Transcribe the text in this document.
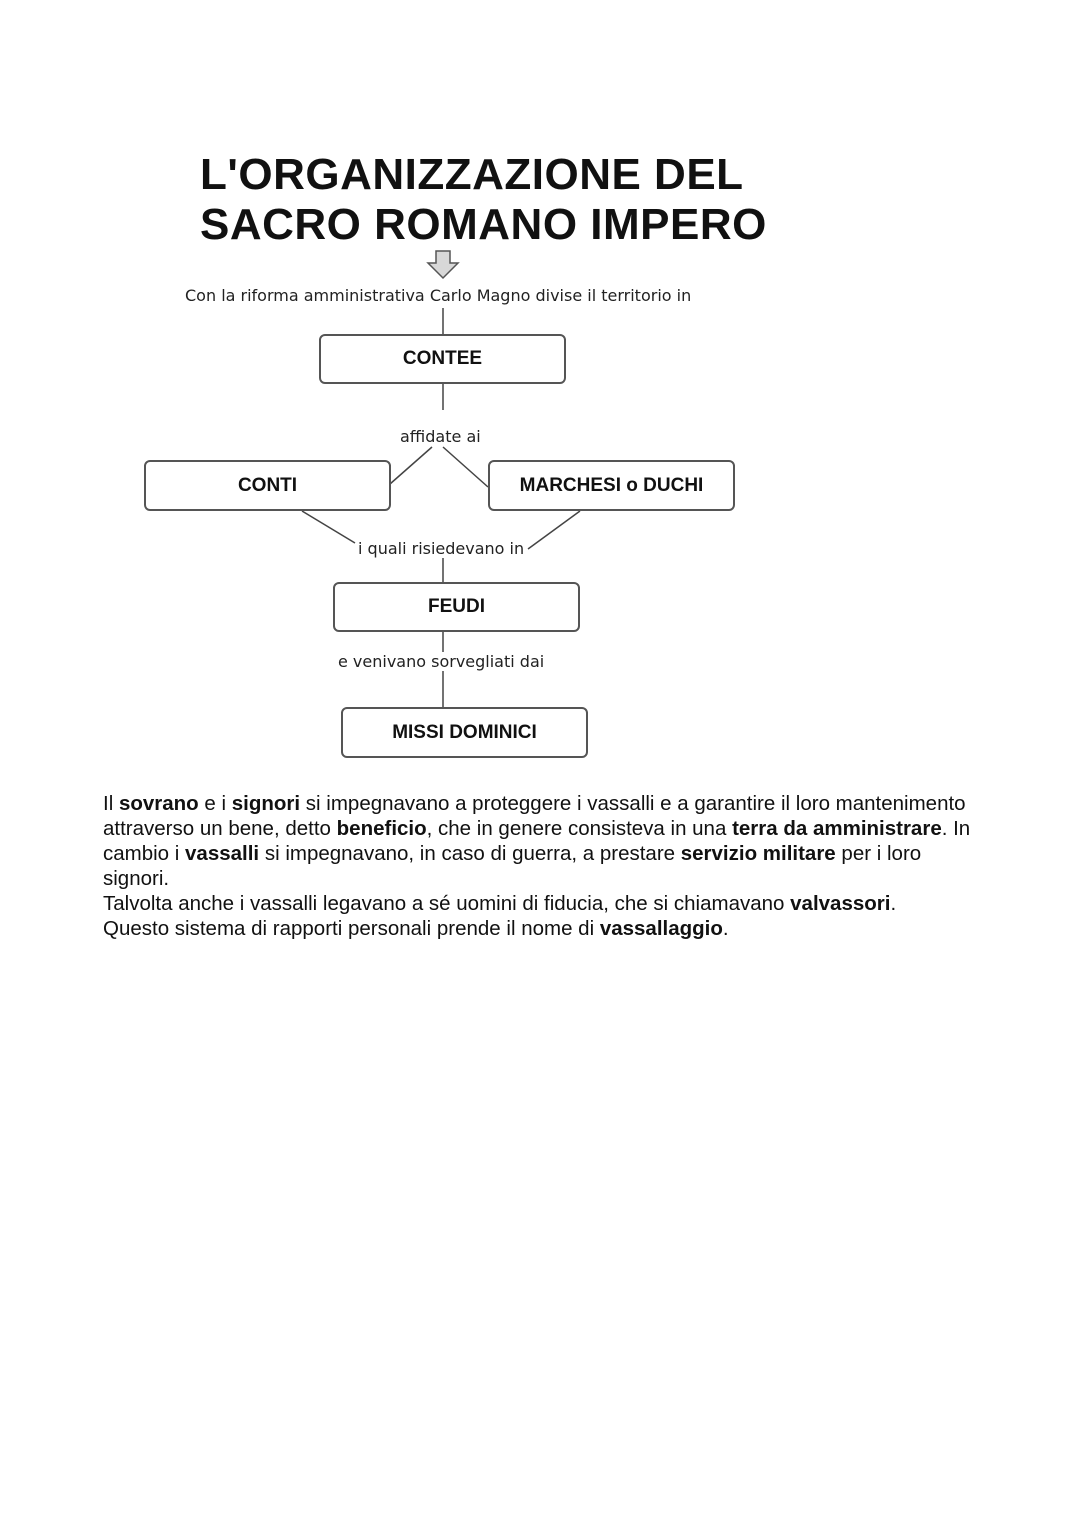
L'ORGANIZZAZIONE DEL
SACRO ROMANO IMPERO
Con la riforma amministrativa Carlo Magno divise il territorio in
CONTEE
affidate ai
CONTI	MARCHESI o DUCHI
i quali risiedevano in
FEUDI
e venivano sorvegliati dai
MISSI DOMINICI
Il sovrano e i signori si impegnavano a proteggere i vassalli e a garantire il loro mantenimento attraverso un bene, detto beneficio, che in genere consisteva in una terra da amministrare. In cambio i vassalli si impegnavano, in caso di guerra, a prestare servizio militare per i loro signori.
Talvolta anche i vassalli legavano a sé uomini di fiducia, che si chiamavano valvassori.
Questo sistema di rapporti personali prende il nome di vassallaggio.
